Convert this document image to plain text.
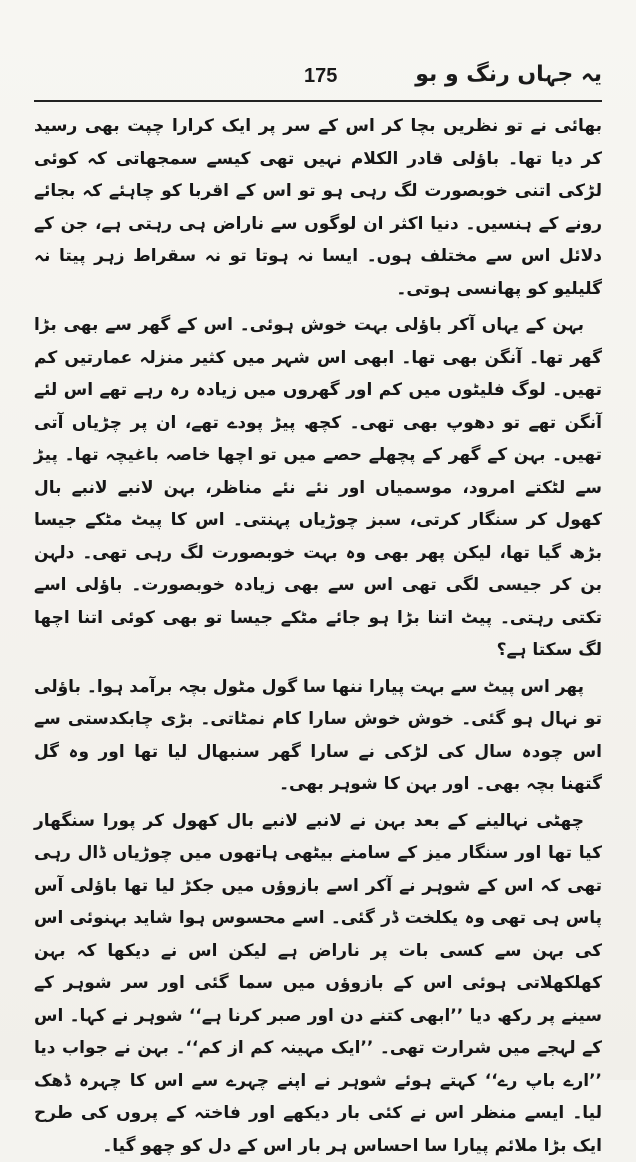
یہ جہاں رنگ و بو
175

بھائی نے تو نظریں بچا کر اس کے سر پر ایک کرارا چپت بھی رسید کر دیا تھا۔ باؤلی قادر الکلام نہیں تھی کیسے سمجھاتی کہ کوئی لڑکی اتنی خوبصورت لگ رہی ہو تو اس کے اقربا کو چاہئے کہ بجائے رونے کے ہنسیں۔ دنیا اکثر ان لوگوں سے ناراض ہی رہتی ہے، جن کے دلائل اس سے مختلف ہوں۔ ایسا نہ ہوتا تو نہ سقراط زہر پیتا نہ گلیلیو کو پھانسی ہوتی۔

بہن کے یہاں آکر باؤلی بہت خوش ہوئی۔ اس کے گھر سے بھی بڑا گھر تھا۔ آنگن بھی تھا۔ ابھی اس شہر میں کثیر منزلہ عمارتیں کم تھیں۔ لوگ فلیٹوں میں کم اور گھروں میں زیادہ رہ رہے تھے اس لئے آنگن تھے تو دھوپ بھی تھی۔ کچھ پیڑ پودے تھے، ان پر چڑیاں آتی تھیں۔ بہن کے گھر کے پچھلے حصے میں تو اچھا خاصہ باغیچہ تھا۔ پیڑ سے لٹکتے امرود، موسمیاں اور نئے نئے مناظر، بہن لانبے لانبے بال کھول کر سنگار کرتی، سبز چوڑیاں پہنتی۔ اس کا پیٹ مٹکے جیسا بڑھ گیا تھا، لیکن پھر بھی وہ بہت خوبصورت لگ رہی تھی۔ دلہن بن کر جیسی لگی تھی اس سے بھی زیادہ خوبصورت۔ باؤلی اسے تکتی رہتی۔ پیٹ اتنا بڑا ہو جائے مٹکے جیسا تو بھی کوئی اتنا اچھا لگ سکتا ہے؟

پھر اس پیٹ سے بہت پیارا ننھا سا گول مٹول بچہ برآمد ہوا۔ باؤلی تو نہال ہو گئی۔ خوش خوش سارا کام نمٹاتی۔ بڑی چابکدستی سے اس چودہ سال کی لڑکی نے سارا گھر سنبھال لیا تھا اور وہ گل گتھنا بچہ بھی۔ اور بہن کا شوہر بھی۔

چھٹی نہالینے کے بعد بہن نے لانبے لانبے بال کھول کر پورا سنگھار کیا تھا اور سنگار میز کے سامنے بیٹھی ہاتھوں میں چوڑیاں ڈال رہی تھی کہ اس کے شوہر نے آکر اسے بازوؤں میں جکڑ لیا تھا باؤلی آس پاس ہی تھی وہ یکلخت ڈر گئی۔ اسے محسوس ہوا شاید بہنوئی اس کی بہن سے کسی بات پر ناراض ہے لیکن اس نے دیکھا کہ بہن کھلکھلاتی ہوئی اس کے بازوؤں میں سما گئی اور سر شوہر کے سینے پر رکھ دیا ’’ابھی کتنے دن اور صبر کرنا ہے‘‘ شوہر نے کہا۔ اس کے لہجے میں شرارت تھی۔ ’’ایک مہینہ کم از کم‘‘۔ بہن نے جواب دیا ’’ارے باپ رے‘‘ کہتے ہوئے شوہر نے اپنے چہرے سے اس کا چہرہ ڈھک لیا۔ ایسے منظر اس نے کئی بار دیکھے اور فاختہ کے پروں کی طرح ایک بڑا ملائم پیارا سا احساس ہر بار اس کے دل کو چھو گیا۔
